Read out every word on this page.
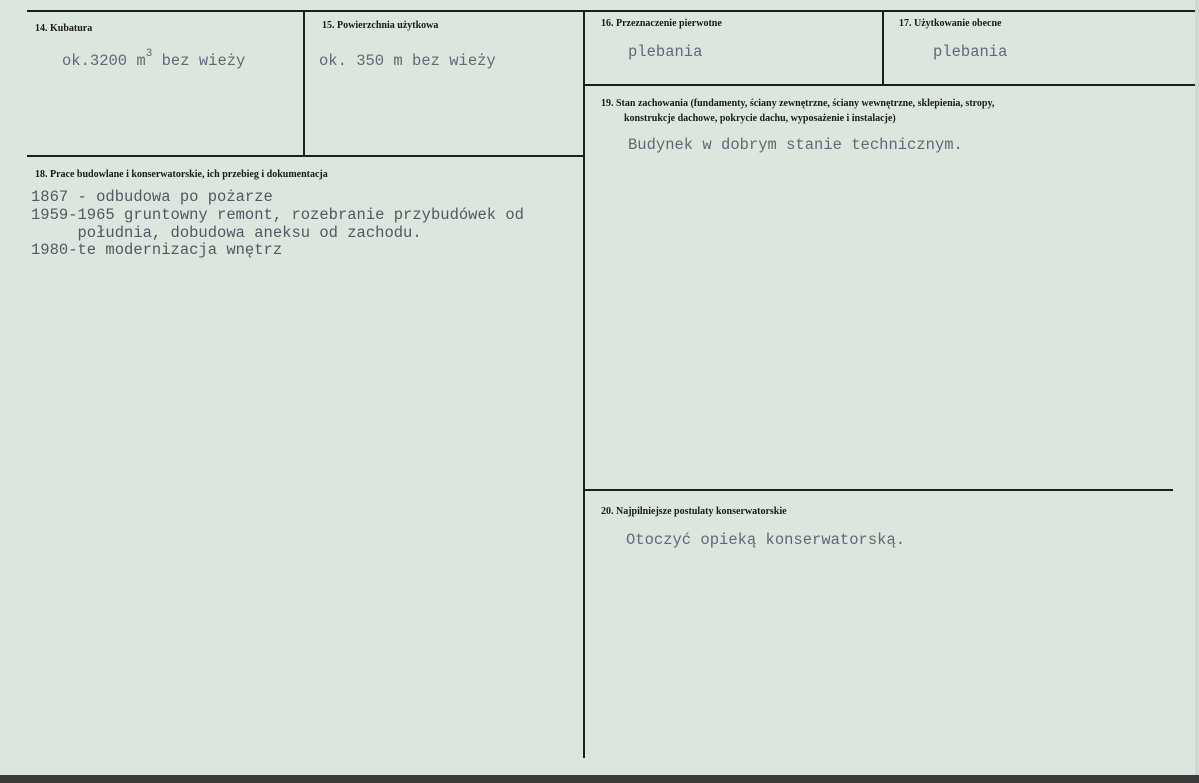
14. Kubatura
ok.3200 $m^3$ bez wieży
15. Powierzchnia użytkowa
ok. 350 m bez wieży
16. Przeznaczenie pierwotne
plebania
17. Użytkowanie obecne
plebania
18. Prace budowlane i konserwatorskie, ich przebieg i dokumentacja
1867 - odbudowa po pożarze
1959-1965 gruntowny remont, rozebranie przybudówek od
południa, dobudowa aneksu od zachodu.
1980-te modernizacja wnętrz
19. Stan zachowania (fundamenty, ściany zewnętrzne, ściany wewnętrzne, sklepienia, stropy,
konstrukcje dachowe, pokrycie dachu, wyposażenie i instalacje)
Budynek w dobrym stanie technicznym.
20. Najpilniejsze postulaty konserwatorskie
Otoczyć opieką konserwatorską.
